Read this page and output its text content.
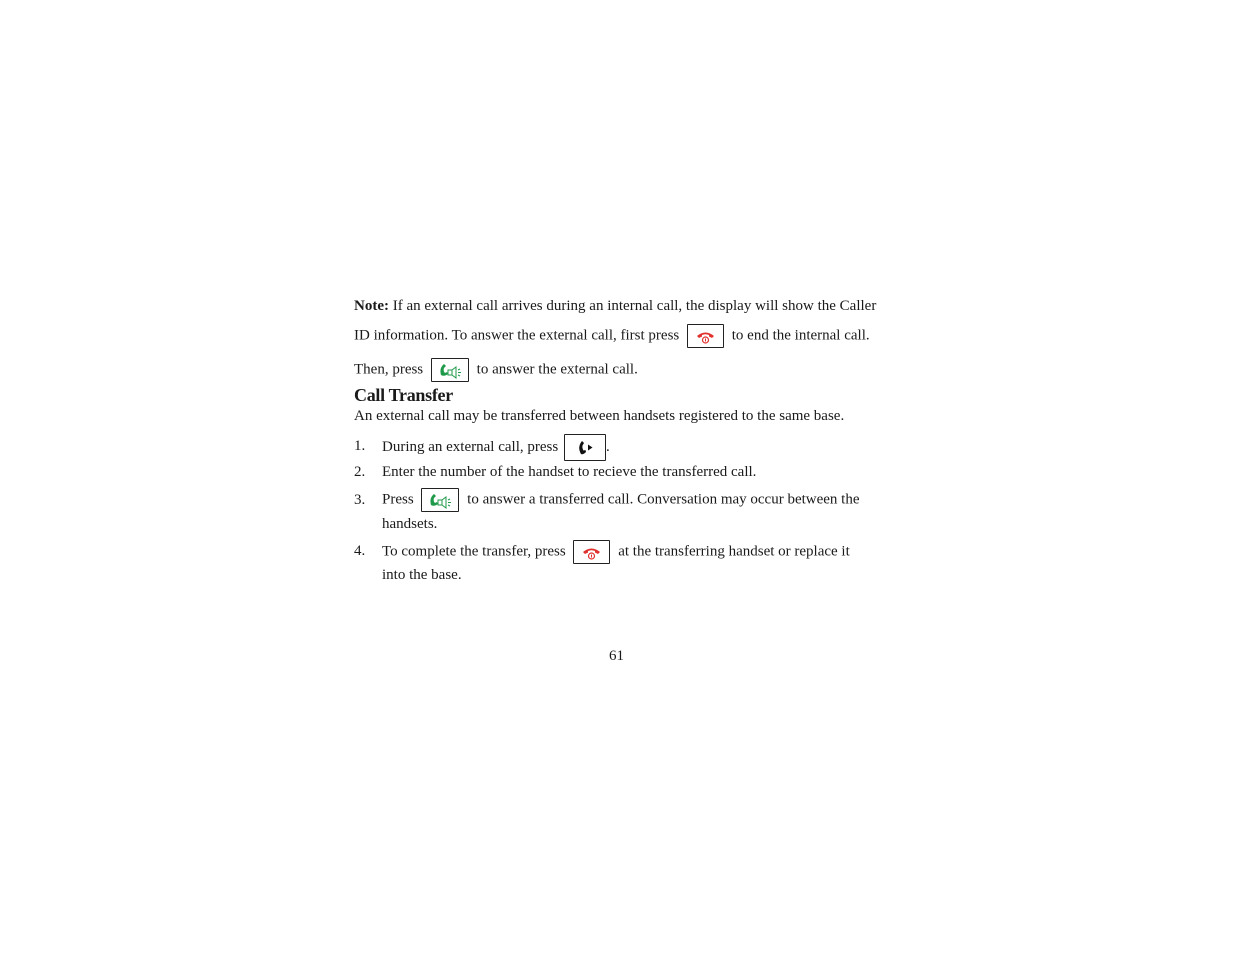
Note: If an external call arrives during an internal call, the display will show the Caller
ID information. To answer the external call, first press	to end the internal call.
Then, press	to answer the external call.
Call Transfer
An external call may be transferred between handsets registered to the same base.
1. During an external call, press	.
2. Enter the number of the handset to recieve the transferred call.
3. Press	to answer a transferred call. Conversation may occur between the
handsets.
4. To complete the transfer, press	at the transferring handset or replace it
into the base.
61
